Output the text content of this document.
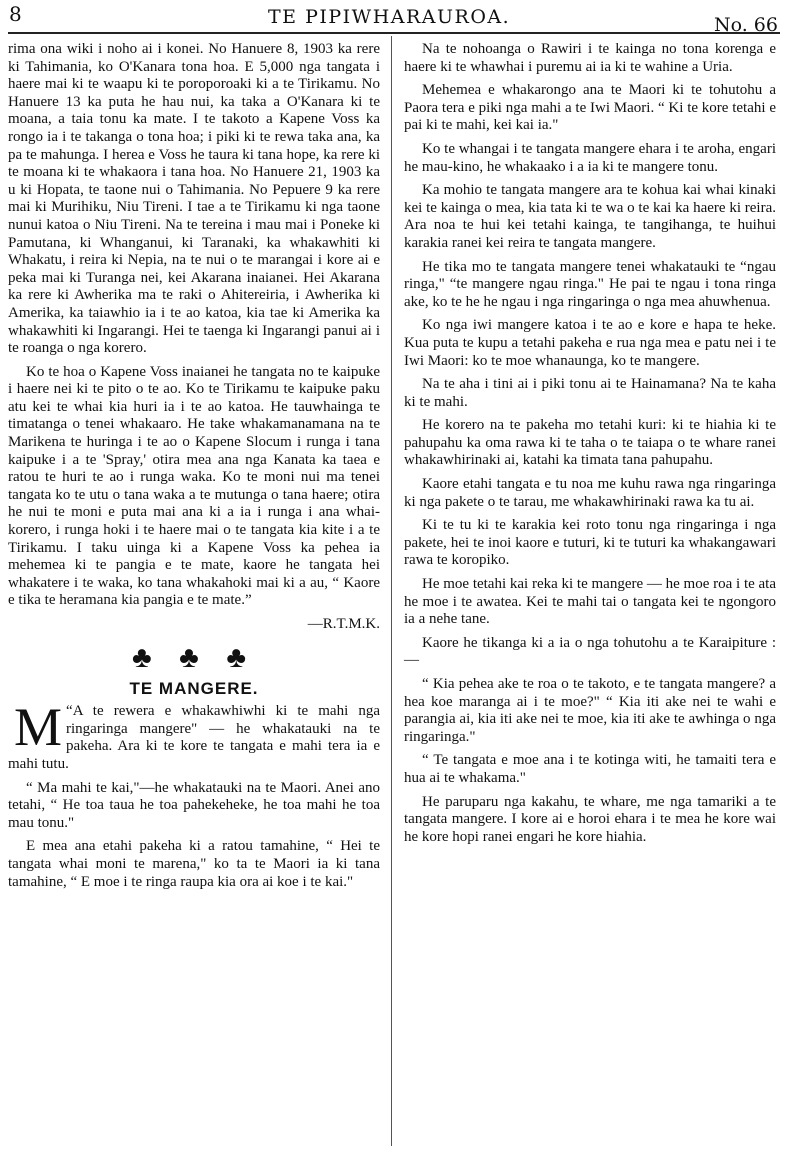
8	TE PIPIWHARAUROA.	No. 66

rima ona wiki i noho ai i konei. No Hanuere 8, 1903 ka rere ki Tahimania, ko O'Kanara tona hoa. E 5,000 nga tangata i haere mai ki te waapu ki te poroporoaki ki a te Tirikamu. No Hanuere 13 ka puta he hau nui, ka taka a O'Kanara ki te moana, a taia tonu ka mate. I te takoto a Kapene Voss ka rongo ia i te takanga o tona hoa; i piki ki te rewa taka ana, ka pa te mahunga. I herea e Voss he taura ki tana hope, ka rere ki te moana ki te whakaora i tana hoa. No Hanuere 21, 1903 ka u ki Hopata, te taone nui o Tahimania. No Pepuere 9 ka rere mai ki Murihiku, Niu Tireni. I tae a te Tirikamu ki nga taone nunui katoa o Niu Tireni. Na te tereina i mau mai i Poneke ki Pamutana, ki Whanganui, ki Taranaki, ka whakawhiti ki Whakatu, i reira ki Nepia, na te nui o te marangai i kore ai e peka mai ki Turanga nei, kei Akarana inaianei. Hei Akarana ka rere ki Awherika ma te raki o Ahitereiria, i Awherika ki Amerika, ka taiawhio ia i te ao katoa, kia tae ki Amerika ka whakawhiti ki Ingarangi. Hei te taenga ki Ingarangi panui ai i te roanga o nga korero.

Ko te hoa o Kapene Voss inaianei he tangata no te kaipuke i haere nei ki te pito o te ao. Ko te Tirikamu te kaipuke paku atu kei te whai kia huri ia i te ao katoa. He tauwhainga te timatanga o tenei whakaaro. He take whakamanamana na te Marikena te huringa i te ao o Kapene Slocum i runga i tana kaipuke i a te 'Spray,' otira mea ana nga Kanata ka taea e ratou te huri te ao i runga waka. Ko te moni nui ma tenei tangata ko te utu o tana waka a te mutunga o tana haere; otira he nui te moni e puta mai ana ki a ia i runga i ana whai-korero, i runga hoki i te haere mai o te tangata kia kite i a te Tirikamu. I taku uinga ki a Kapene Voss ka pehea ia mehemea ki te pangia e te mate, kaore he tangata hei whakatere i te waka, ko tana whakahoki mai ki a au, “ Kaore e tika te heramana kia pangia e te mate.”

—R.T.M.K.

♣ ♣ ♣
TE MANGERE.

“
M A te rewera e whakawhiwhi ki te mahi nga ringaringa mangere" — he whakatauki na te pakeha. Ara ki te kore te tangata e mahi tera ia e mahi tutu.

“ Ma mahi te kai,"—he whakatauki na te Maori. Anei ano tetahi, “ He toa taua he toa pahekeheke, he toa mahi he toa mau tonu."

E mea ana etahi pakeha ki a ratou tamahine, “ Hei te tangata whai moni te marena," ko ta te Maori ia ki tana tamahine, “ E moe i te ringa raupa kia ora ai koe i te kai."

Na te nohoanga o Rawiri i te kainga no tona korenga e haere ki te whawhai i puremu ai ia ki te wahine a Uria.

Mehemea e whakarongo ana te Maori ki te tohutohu a Paora tera e piki nga mahi a te Iwi Maori. “ Ki te kore tetahi e pai ki te mahi, kei kai ia."

Ko te whangai i te tangata mangere ehara i te aroha, engari he mau-kino, he whakaako i a ia ki te mangere tonu.

Ka mohio te tangata mangere ara te kohua kai whai kinaki kei te kainga o mea, kia tata ki te wa o te kai ka haere ki reira. Ara noa te hui kei tetahi kainga, te tangihanga, te huihui karakia ranei kei reira te tangata mangere.

He tika mo te tangata mangere tenei whakatauki te “ngau ringa," “te mangere ngau ringa." He pai te ngau i tona ringa ake, ko te he he ngau i nga ringaringa o nga mea ahuwhenua.

Ko nga iwi mangere katoa i te ao e kore e hapa te heke. Kua puta te kupu a tetahi pakeha e rua nga mea e patu nei i te Iwi Maori: ko te moe whanaunga, ko te mangere.

Na te aha i tini ai i piki tonu ai te Hainamana? Na te kaha ki te mahi.

He korero na te pakeha mo tetahi kuri: ki te hiahia ki te pahupahu ka oma rawa ki te taha o te taiapa o te whare ranei whakawhirinaki ai, katahi ka timata tana pahupahu.

Kaore etahi tangata e tu noa me kuhu rawa nga ringaringa ki nga pakete o te tarau, me whakawhirinaki rawa ka tu ai.

Ki te tu ki te karakia kei roto tonu nga ringaringa i nga pakete, hei te inoi kaore e tuturi, ki te tuturi ka whakangawari rawa te koropiko.

He moe tetahi kai reka ki te mangere — he moe roa i te ata he moe i te awatea. Kei te mahi tai o tangata kei te ngongoro ia a nehe tane.

Kaore he tikanga ki a ia o nga tohutohu a te Karaipiture :—

“ Kia pehea ake te roa o te takoto, e te tangata mangere? a hea koe maranga ai i te moe?" “ Kia iti ake nei te wahi e parangia ai, kia iti ake nei te moe, kia iti ake te awhinga o nga ringaringa."

“ Te tangata e moe ana i te kotinga witi, he tamaiti tera e hua ai te whakama."

He paruparu nga kakahu, te whare, me nga tamariki a te tangata mangere. I kore ai e horoi ehara i te mea he kore wai he kore hopi ranei engari he kore hiahia.
